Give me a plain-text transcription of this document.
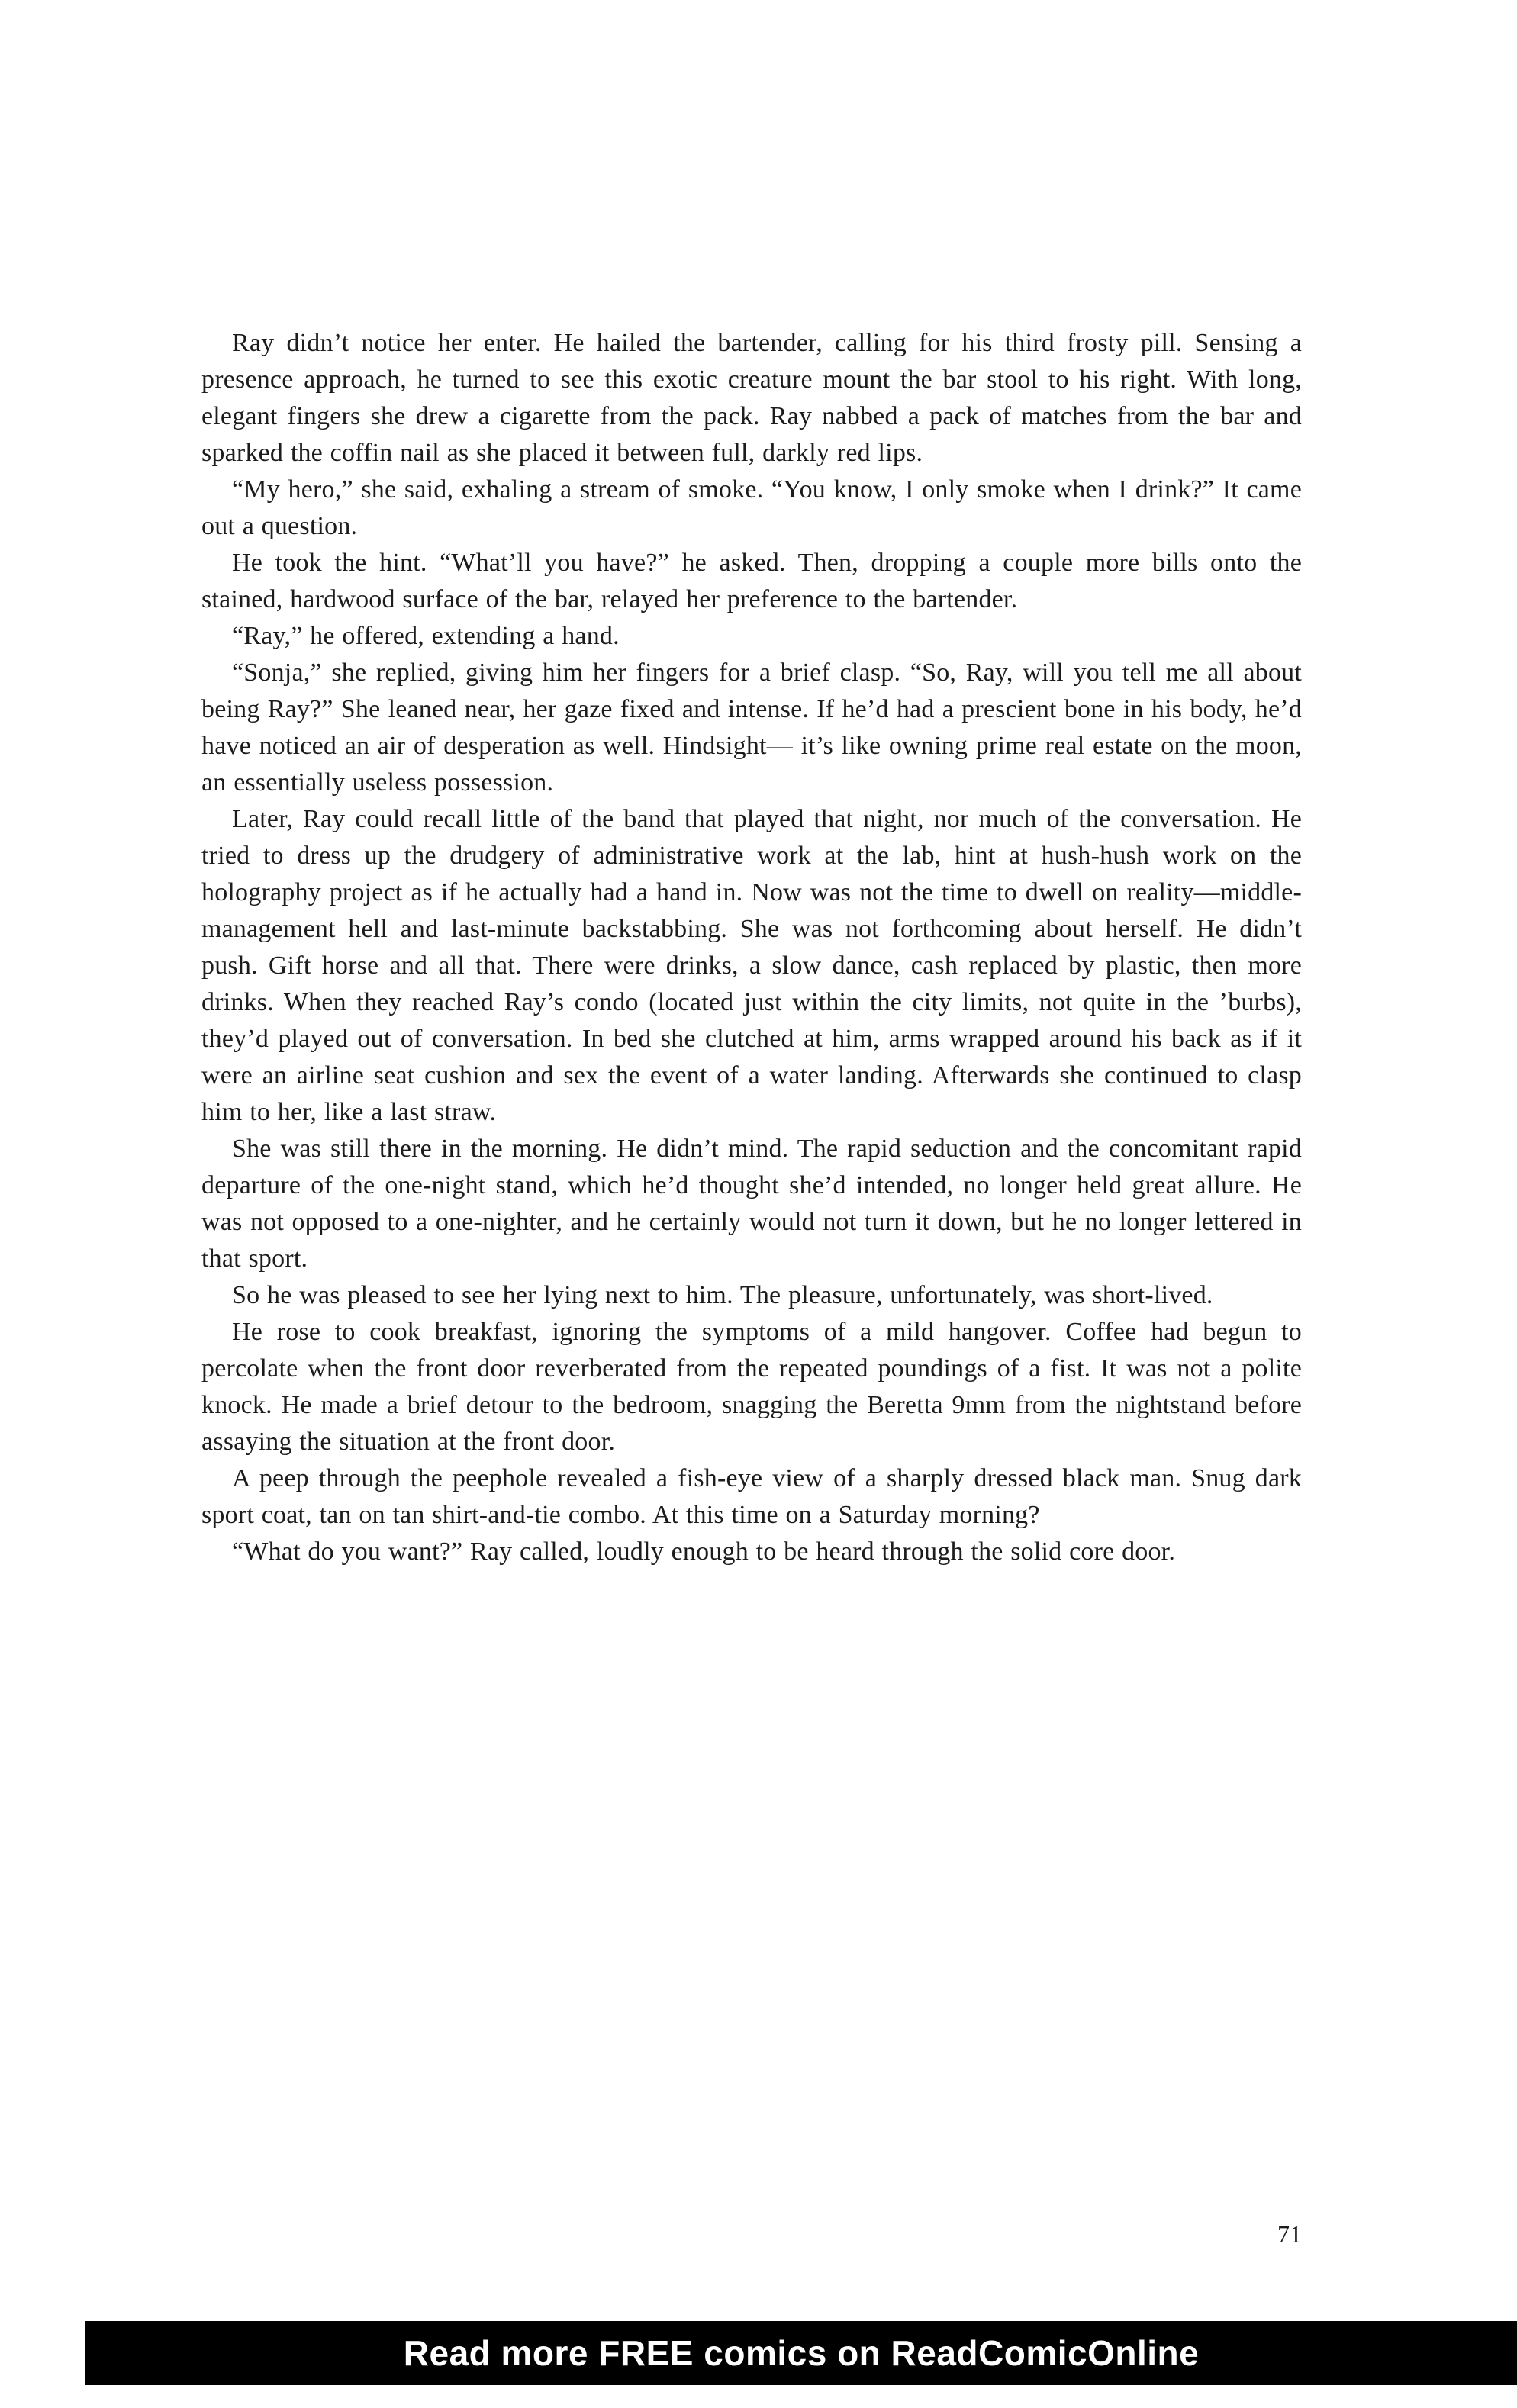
Ray didn’t notice her enter. He hailed the bartender, calling for his third frosty pill. Sensing a presence approach, he turned to see this exotic creature mount the bar stool to his right. With long, elegant fingers she drew a cigarette from the pack. Ray nabbed a pack of matches from the bar and sparked the coffin nail as she placed it between full, darkly red lips.

“My hero,” she said, exhaling a stream of smoke. “You know, I only smoke when I drink?” It came out a question.

He took the hint. “What’ll you have?” he asked. Then, dropping a couple more bills onto the stained, hardwood surface of the bar, relayed her preference to the bartender.

“Ray,” he offered, extending a hand.

“Sonja,” she replied, giving him her fingers for a brief clasp. “So, Ray, will you tell me all about being Ray?” She leaned near, her gaze fixed and intense. If he’d had a prescient bone in his body, he’d have noticed an air of desperation as well. Hindsight— it’s like owning prime real estate on the moon, an essentially useless possession.

Later, Ray could recall little of the band that played that night, nor much of the conversation. He tried to dress up the drudgery of administrative work at the lab, hint at hush-hush work on the holography project as if he actually had a hand in. Now was not the time to dwell on reality—middle-management hell and last-minute backstabbing. She was not forthcoming about herself. He didn’t push. Gift horse and all that. There were drinks, a slow dance, cash replaced by plastic, then more drinks. When they reached Ray’s condo (located just within the city limits, not quite in the ’burbs), they’d played out of conversation. In bed she clutched at him, arms wrapped around his back as if it were an airline seat cushion and sex the event of a water landing. Afterwards she continued to clasp him to her, like a last straw.

She was still there in the morning. He didn’t mind. The rapid seduction and the concomitant rapid departure of the one-night stand, which he’d thought she’d intended, no longer held great allure. He was not opposed to a one-nighter, and he certainly would not turn it down, but he no longer lettered in that sport.

So he was pleased to see her lying next to him. The pleasure, unfortunately, was short-lived.

He rose to cook breakfast, ignoring the symptoms of a mild hangover. Coffee had begun to percolate when the front door reverberated from the repeated poundings of a fist. It was not a polite knock. He made a brief detour to the bedroom, snagging the Beretta 9mm from the nightstand before assaying the situation at the front door.

A peep through the peephole revealed a fish-eye view of a sharply dressed black man. Snug dark sport coat, tan on tan shirt-and-tie combo. At this time on a Saturday morning?

“What do you want?” Ray called, loudly enough to be heard through the solid core door.

71
Read more FREE comics on ReadComicOnline
